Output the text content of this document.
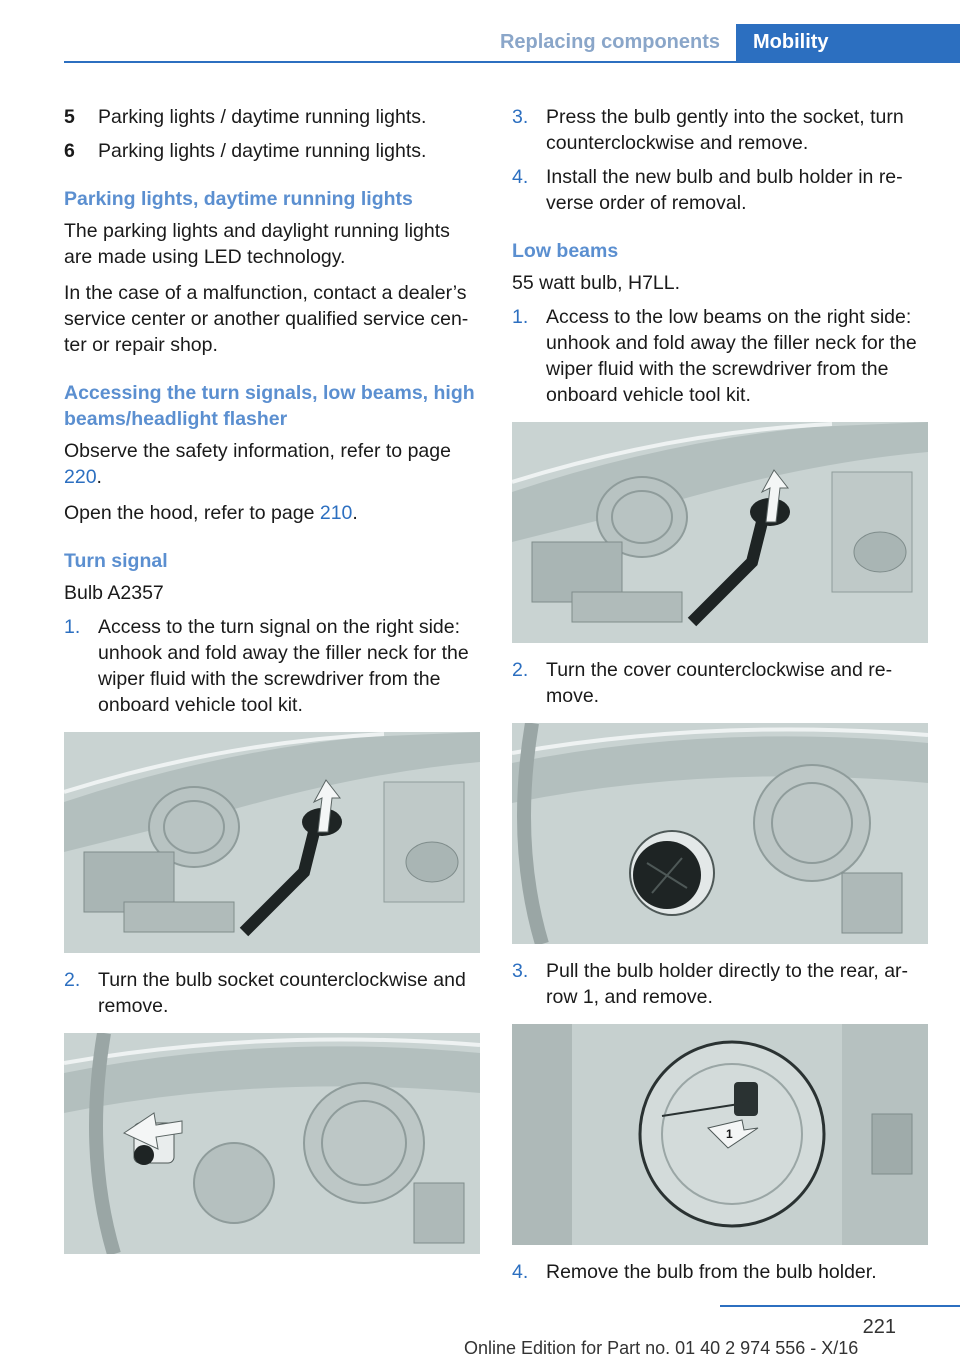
Replacing components	Mobility
5	Parking lights / daytime running lights.
6	Parking lights / daytime running lights.
Parking lights, daytime running lights

The parking lights and daylight running lights are made using LED technology.

In the case of a malfunction, contact a dealer’s service center or another qualified service center or repair shop.

Accessing the turn signals, low beams, high beams/headlight flasher

Observe the safety information, refer to page 220.

Open the hood, refer to page 210.

Turn signal

Bulb A2357

1. Access to the turn signal on the right side: unhook and fold away the filler neck for the wiper fluid with the screwdriver from the onboard vehicle tool kit.
2. Turn the bulb socket counterclockwise and remove.
3. Press the bulb gently into the socket, turn counterclockwise and remove.
4. Install the new bulb and bulb holder in reverse order of removal.
Low beams

55 watt bulb, H7LL.

1. Access to the low beams on the right side: unhook and fold away the filler neck for the wiper fluid with the screwdriver from the onboard vehicle tool kit.
2. Turn the cover counterclockwise and remove.
3. Pull the bulb holder directly to the rear, arrow 1, and remove.
1
4. Remove the bulb from the bulb holder.
221
Online Edition for Part no. 01 40 2 974 556 - X/16
